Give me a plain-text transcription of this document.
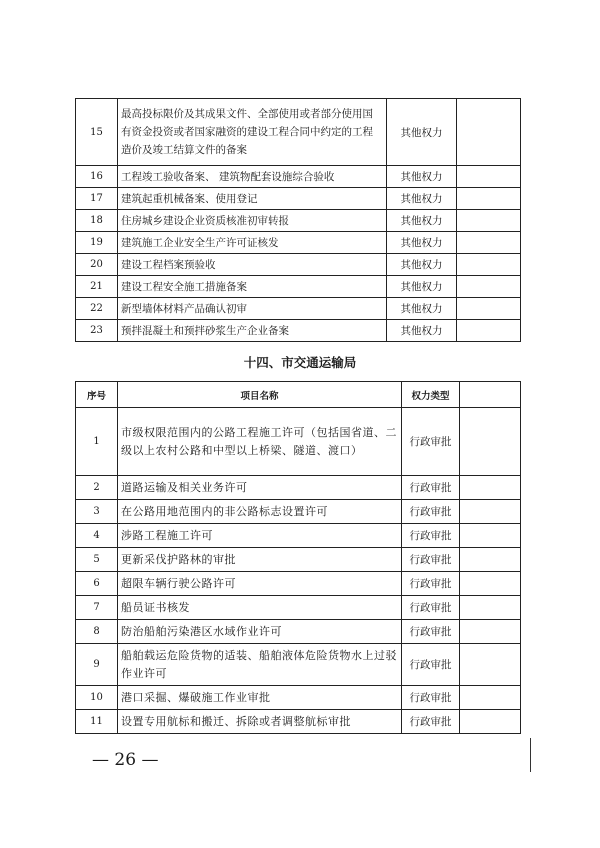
15	最高投标限价及其成果文件、全部使用或者部分使用国有资金投资或者国家融资的建设工程合同中约定的工程造价及竣工结算文件的备案	其他权力	
16	工程竣工验收备案、 建筑物配套设施综合验收	其他权力	
17	建筑起重机械备案、使用登记	其他权力	
18	住房城乡建设企业资质核准初审转报	其他权力	
19	建筑施工企业安全生产许可证核发	其他权力	
20	建设工程档案预验收	其他权力	
21	建设工程安全施工措施备案	其他权力	
22	新型墙体材料产品确认初审	其他权力	
23	预拌混凝土和预拌砂浆生产企业备案	其他权力	
十四、市交通运输局
序号	项目名称	权力类型	
1	市级权限范围内的公路工程施工许可（包括国省道、二级以上农村公路和中型以上桥梁、隧道、渡口）	行政审批	
2	道路运输及相关业务许可	行政审批	
3	在公路用地范围内的非公路标志设置许可	行政审批	
4	涉路工程施工许可	行政审批	
5	更新采伐护路林的审批	行政审批	
6	超限车辆行驶公路许可	行政审批	
7	船员证书核发	行政审批	
8	防治船舶污染港区水域作业许可	行政审批	
9	船舶载运危险货物的适装、船舶液体危险货物水上过驳作业许可	行政审批	
10	港口采掘、爆破施工作业审批	行政审批	
11	设置专用航标和搬迁、拆除或者调整航标审批	行政审批	
— 26 —
